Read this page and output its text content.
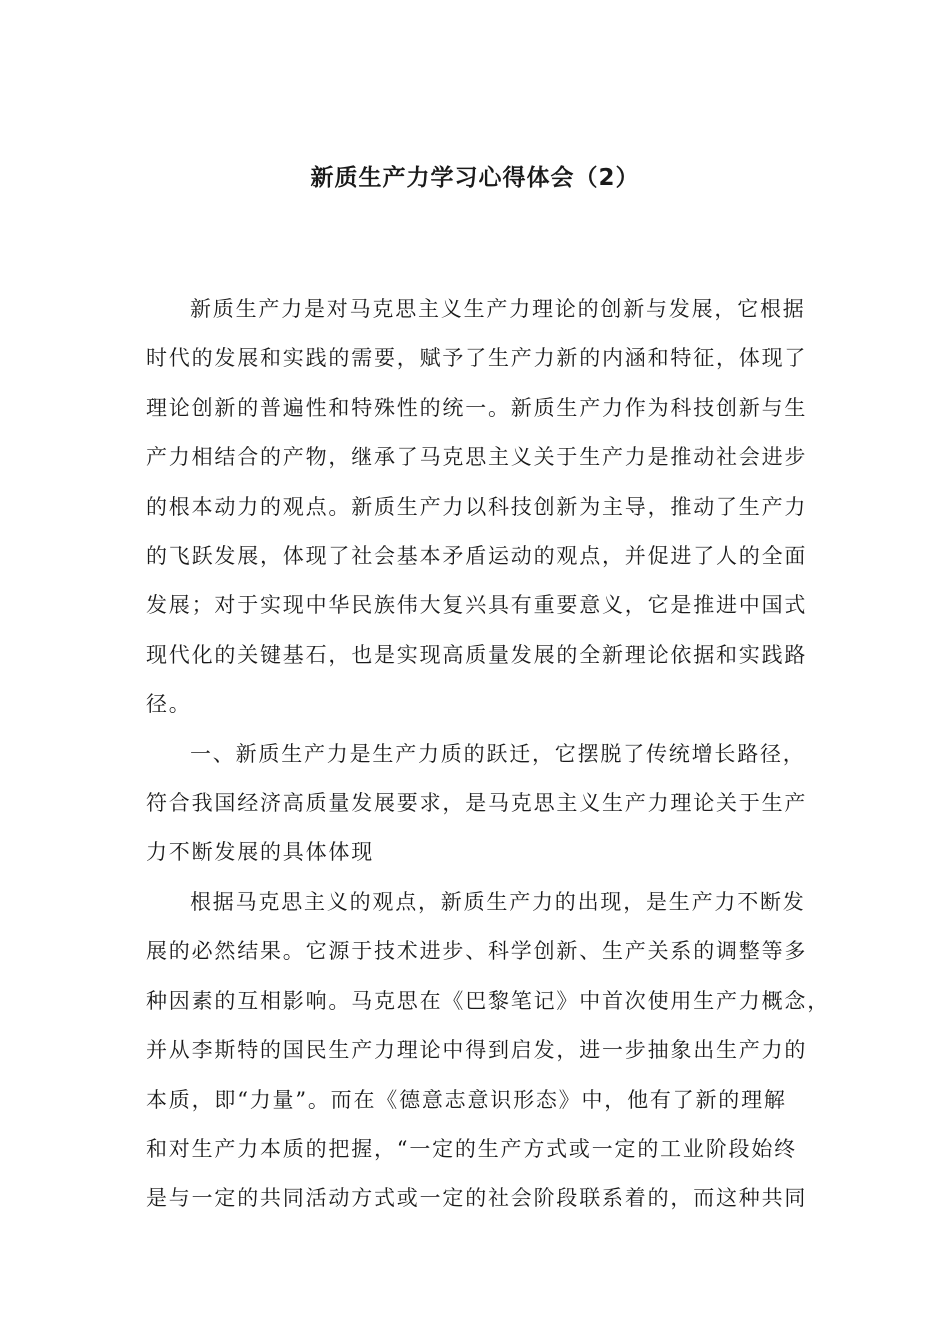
新质生产力学习心得体会（2）

新质生产力是对马克思主义生产力理论的创新与发展，它根据
时代的发展和实践的需要，赋予了生产力新的内涵和特征，体现了
理论创新的普遍性和特殊性的统一。新质生产力作为科技创新与生
产力相结合的产物，继承了马克思主义关于生产力是推动社会进步
的根本动力的观点。新质生产力以科技创新为主导，推动了生产力
的飞跃发展，体现了社会基本矛盾运动的观点，并促进了人的全面
发展；对于实现中华民族伟大复兴具有重要意义，它是推进中国式
现代化的关键基石，也是实现高质量发展的全新理论依据和实践路
径。

一、新质生产力是生产力质的跃迁，它摆脱了传统增长路径，
符合我国经济高质量发展要求，是马克思主义生产力理论关于生产
力不断发展的具体体现

根据马克思主义的观点，新质生产力的出现，是生产力不断发
展的必然结果。它源于技术进步、科学创新、生产关系的调整等多
种因素的互相影响。马克思在《巴黎笔记》中首次使用生产力概念，
并从李斯特的国民生产力理论中得到启发，进一步抽象出生产力的
本质，即“力量”。而在《德意志意识形态》中，他有了新的理解
和对生产力本质的把握，“一定的生产方式或一定的工业阶段始终
是与一定的共同活动方式或一定的社会阶段联系着的，而这种共同
